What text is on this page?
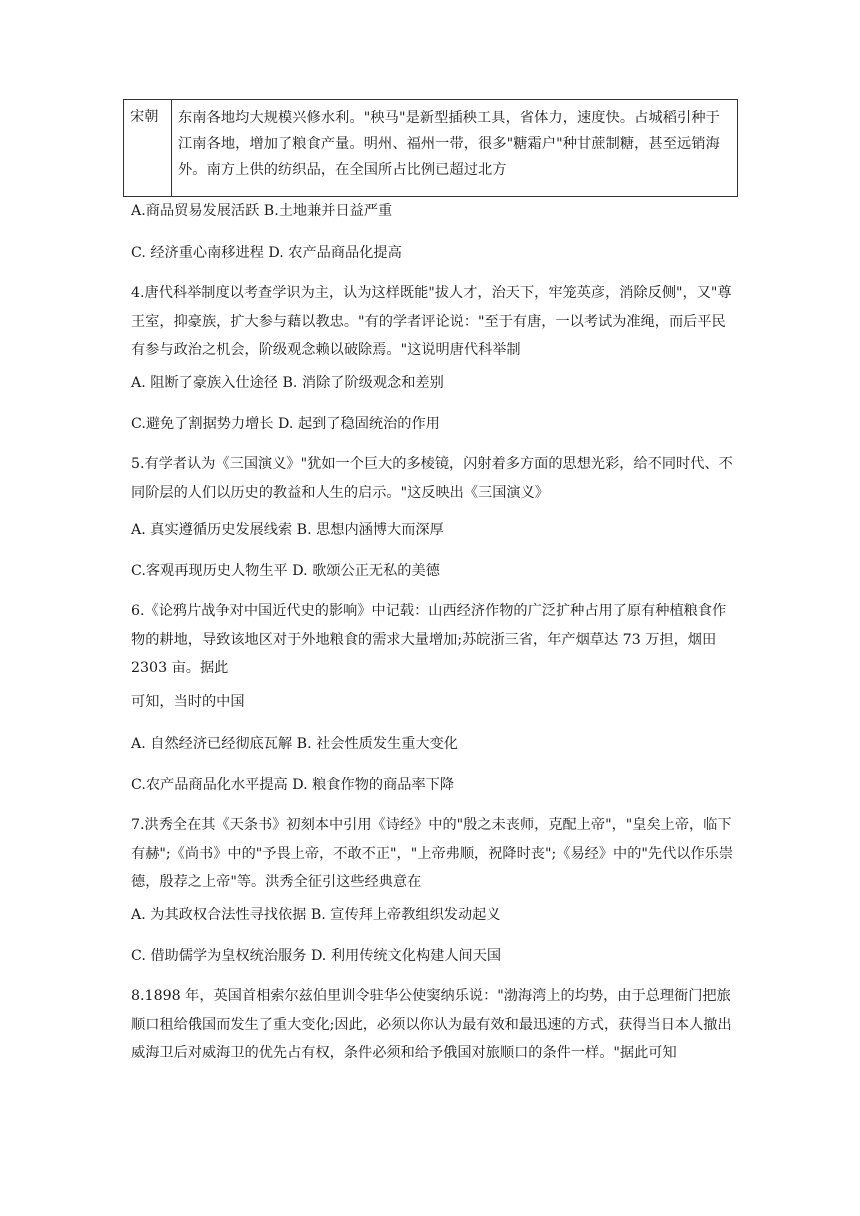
宋朝	东南各地均大规模兴修水利。"秧马"是新型插秧工具，省体力，速度快。占城稻引种于江南各地，增加了粮食产量。明州、福州一带，很多"糖霜户"种甘蔗制糖，甚至远销海外。南方上供的纺织品，在全国所占比例已超过北方
A.商品贸易发展活跃 B.土地兼并日益严重
C. 经济重心南移进程 D. 农产品商品化提高
4.唐代科举制度以考查学识为主，认为这样既能"拔人才，治天下，牢笼英彦，消除反侧"，又"尊王室，抑豪族，扩大参与藉以教忠。"有的学者评论说："至于有唐，一以考试为准绳，而后平民有参与政治之机会，阶级观念赖以破除焉。"这说明唐代科举制
A. 阻断了豪族入仕途径 B. 消除了阶级观念和差别
C.避免了割据势力增长 D. 起到了稳固统治的作用
5.有学者认为《三国演义》"犹如一个巨大的多棱镜，闪射着多方面的思想光彩，给不同时代、不同阶层的人们以历史的教益和人生的启示。"这反映出《三国演义》
A. 真实遵循历史发展线索 B. 思想内涵博大而深厚
C.客观再现历史人物生平 D. 歌颂公正无私的美德
6.《论鸦片战争对中国近代史的影响》中记载：山西经济作物的广泛扩种占用了原有种植粮食作物的耕地，导致该地区对于外地粮食的需求大量增加;苏皖浙三省，年产烟草达 73 万担，烟田 2303 亩。据此
可知，当时的中国
A. 自然经济已经彻底瓦解 B. 社会性质发生重大变化
C.农产品商品化水平提高 D. 粮食作物的商品率下降
7.洪秀全在其《天条书》初刻本中引用《诗经》中的"殷之未丧师，克配上帝"，"皇矣上帝，临下有赫";《尚书》中的"予畏上帝，不敢不正"，"上帝弗顺，祝降时丧";《易经》中的"先代以作乐崇德，殷荐之上帝"等。洪秀全征引这些经典意在
A. 为其政权合法性寻找依据 B. 宣传拜上帝教组织发动起义
C. 借助儒学为皇权统治服务 D. 利用传统文化构建人间天国
8.1898 年，英国首相索尔兹伯里训令驻华公使窦纳乐说："渤海湾上的均势，由于总理衙门把旅顺口租给俄国而发生了重大变化;因此，必须以你认为最有效和最迅速的方式，获得当日本人撤出威海卫后对威海卫的优先占有权，条件必须和给予俄国对旅顺口的条件一样。"据此可知
